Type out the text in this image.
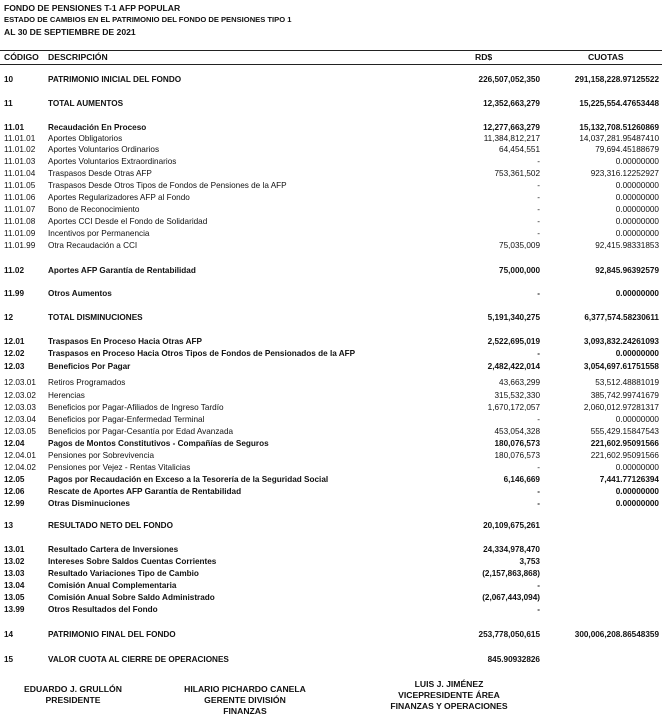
FONDO DE PENSIONES T-1 AFP POPULAR
ESTADO DE CAMBIOS EN EL PATRIMONIO DEL FONDO DE PENSIONES TIPO 1
AL 30 DE SEPTIEMBRE DE 2021
CÓDIGO DESCRIPCIÓN	RD$	CUOTAS
10	PATRIMONIO INICIAL DEL FONDO	226,507,052,350	291,158,228.97125522
11	TOTAL AUMENTOS	12,352,663,279	15,225,554.47653448
11.01	Recaudación En Proceso	12,277,663,279	15,132,708.51260869
11.01.01 Aportes Obligatorios	11,384,812,217	14,037,281.95487410
11.01.02 Aportes Voluntarios Ordinarios	64,454,551	79,694.45188679
11.01.03 Aportes Voluntarios Extraordinarios	-	0.00000000
11.01.04 Traspasos Desde Otras AFP	753,361,502	923,316.12252927
11.01.05 Traspasos Desde Otros Tipos de Fondos de Pensiones de la AFP	-	0.00000000
11.01.06 Aportes Regularizadores AFP al Fondo	-	0.00000000
11.01.07 Bono de Reconocimiento	-	0.00000000
11.01.08 Aportes CCI Desde el Fondo de Solidaridad	-	0.00000000
11.01.09 Incentivos por Permanencia	-	0.00000000
11.01.99 Otra Recaudación a CCI	75,035,009	92,415.98331853
11.02	Aportes AFP Garantía de Rentabilidad	75,000,000	92,845.96392579
11.99	Otros Aumentos	-	0.00000000
12	TOTAL DISMINUCIONES	5,191,340,275	6,377,574.58230611
12.01	Traspasos En Proceso Hacia Otras AFP	2,522,695,019	3,093,832.24261093
12.02	Traspasos en Proceso Hacia Otros Tipos de Fondos de Pensionados de la AFP	-	0.00000000
12.03	Beneficios Por Pagar	2,482,422,014	3,054,697.61751558
12.03.01 Retiros Programados	43,663,299	53,512.48881019
12.03.02 Herencias	315,532,330	385,742.99741679
12.03.03 Beneficios por Pagar-Afiliados de Ingreso Tardío	1,670,172,057	2,060,012.97281317
12.03.04 Beneficios por Pagar-Enfermedad Terminal	-	0.00000000
12.03.05 Beneficios por Pagar-Cesantía por Edad Avanzada	453,054,328	555,429.15847543
12.04	Pagos de Montos Constitutivos - Compañías de Seguros	180,076,573	221,602.95091566
12.04.01 Pensiones por Sobrevivencia	180,076,573	221,602.95091566
12.04.02 Pensiones por Vejez - Rentas Vitalicias	-	0.00000000
12.05	Pagos por Recaudación en Exceso a la Tesorería de la Seguridad Social	6,146,669	7,441.77126394
12.06	Rescate de Aportes AFP Garantía de Rentabilidad	-	0.00000000
12.99	Otras Disminuciones	-	0.00000000
13	RESULTADO NETO DEL FONDO	20,109,675,261
13.01	Resultado Cartera de Inversiones	24,334,978,470
13.02	Intereses Sobre Saldos Cuentas Corrientes	3,753
13.03	Resultado Variaciones Tipo de Cambio	(2,157,863,868)
13.04	Comisión Anual Complementaria	-
13.05	Comisión Anual Sobre Saldo Administrado	(2,067,443,094)
13.99	Otros Resultados del Fondo	-
14	PATRIMONIO FINAL DEL FONDO	253,778,050,615	300,006,208.86548359
15	VALOR CUOTA AL CIERRE DE OPERACIONES	845.90932826
EDUARDO J. GRULLÓN
PRESIDENTE
HILARIO PICHARDO CANELA
GERENTE DIVISIÓN
FINANZAS
LUIS J. JIMÉNEZ
VICEPRESIDENTE ÁREA
FINANZAS Y OPERACIONES
